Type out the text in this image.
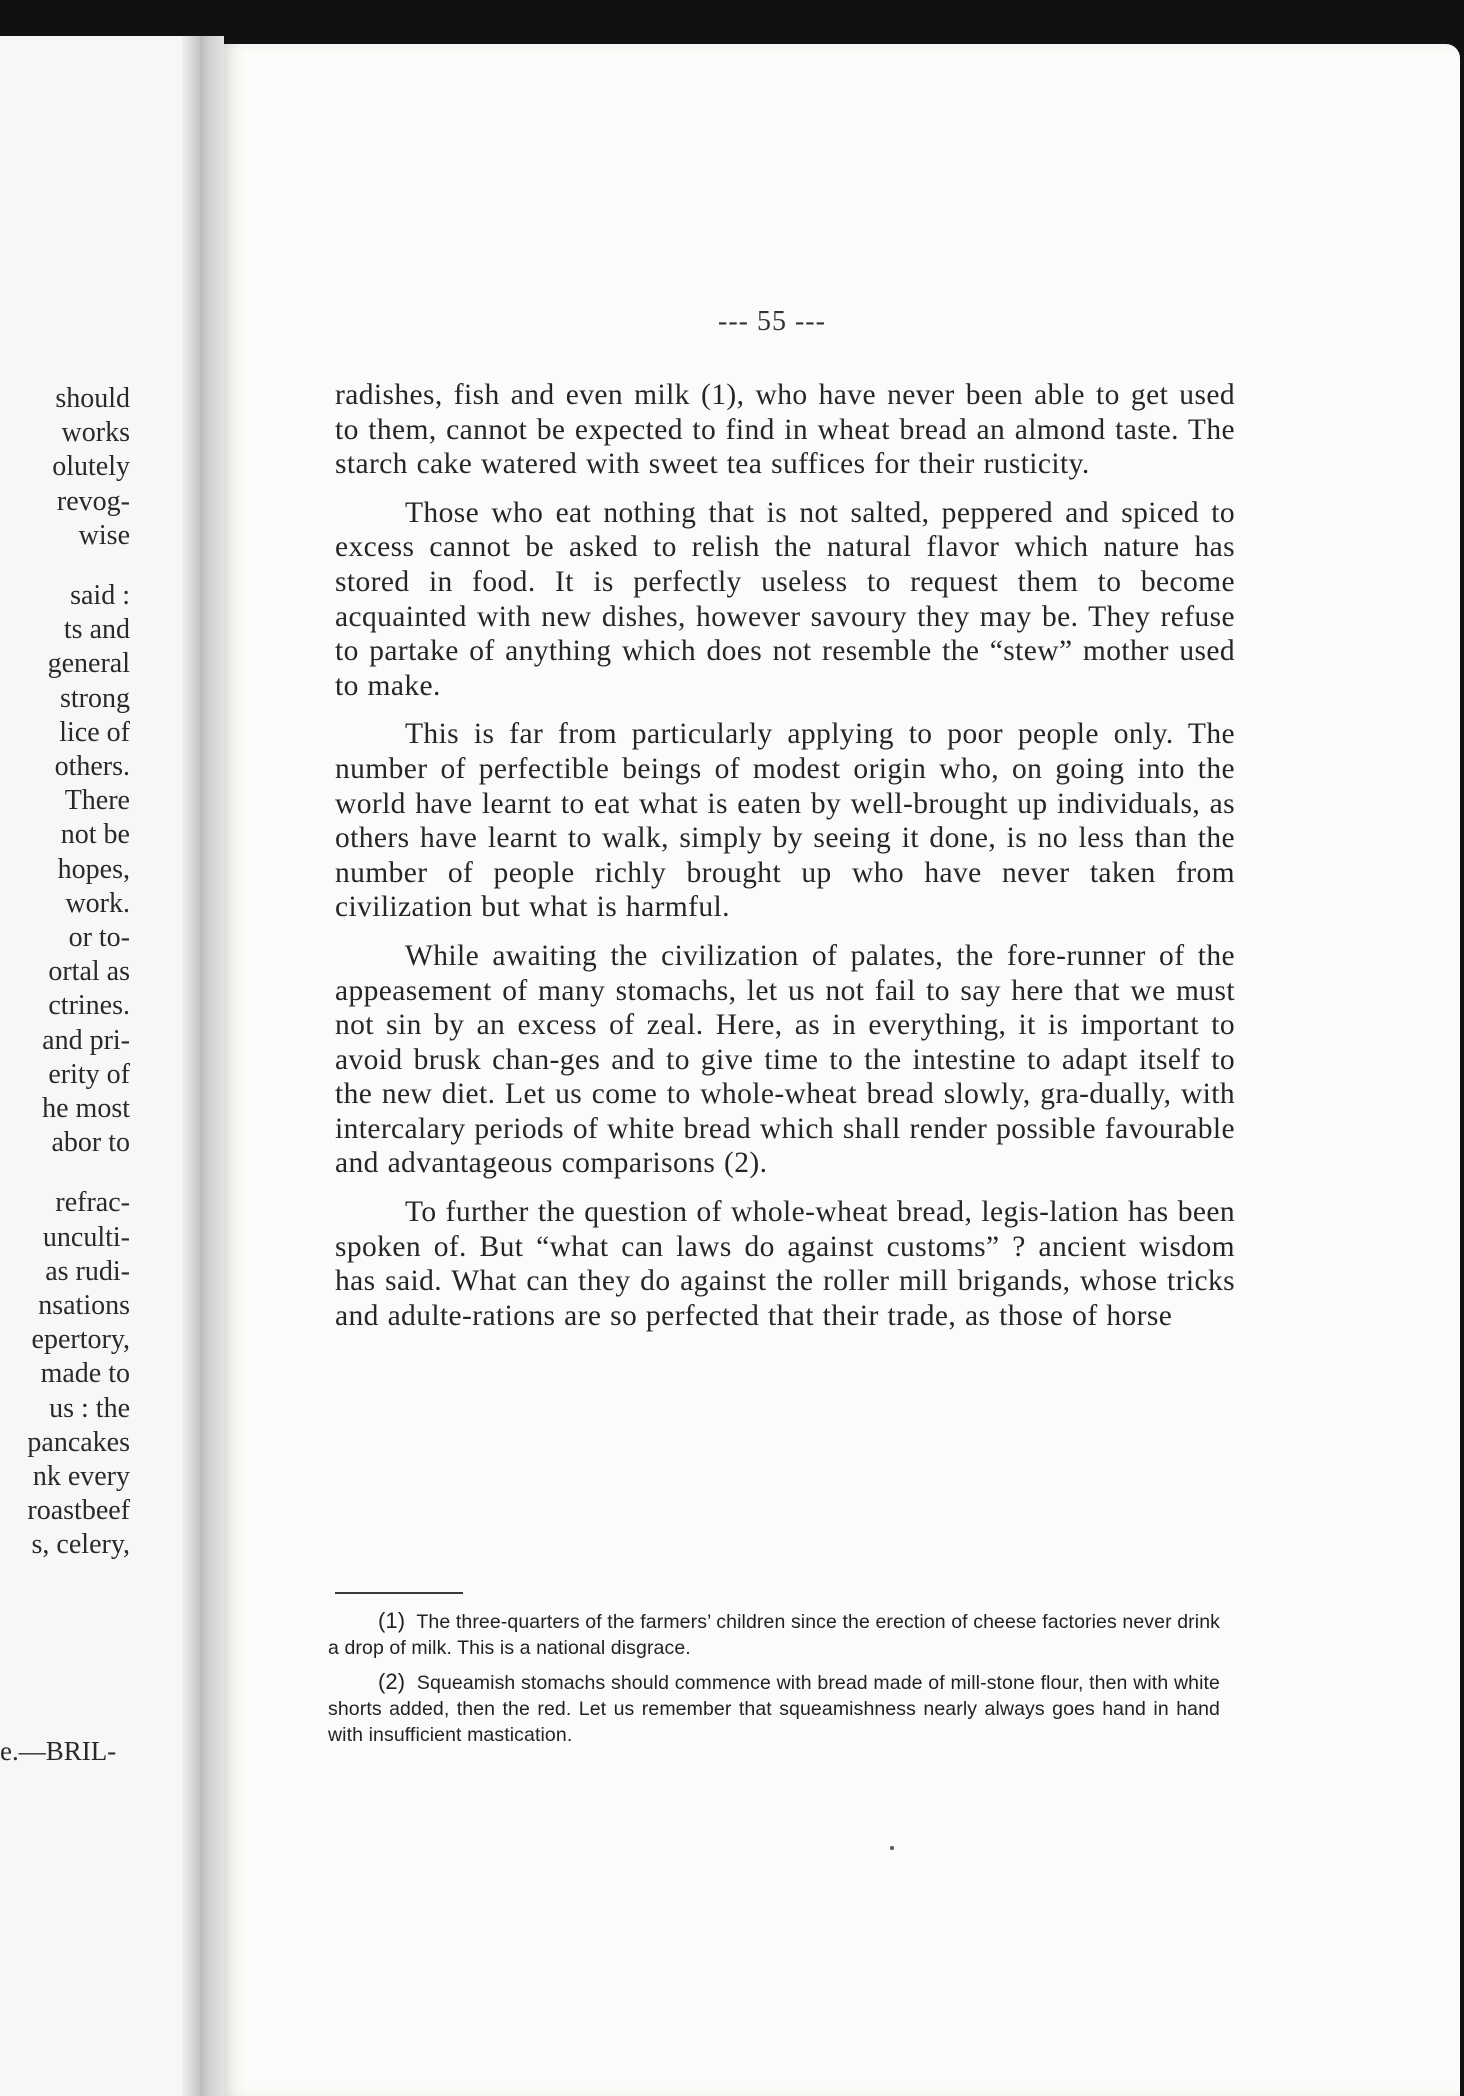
should
works
olutely
revog-
wise
said :
ts and
general
strong
lice of
others.
There
not be
hopes,
work.
or to-
ortal as
ctrines.
and pri-
erity of
he most
abor to
refrac-
unculti-
as rudi-
nsations
epertory,
made to
us : the
pancakes
nk every
roastbeef
s, celery,
e.—BRIL-
--- 55 ---

radishes, fish and even milk (1), who have never been able to get used to them, cannot be expected to find in wheat bread an almond taste. The starch cake watered with sweet tea suffices for their rusticity.

Those who eat nothing that is not salted, peppered and spiced to excess cannot be asked to relish the natural flavor which nature has stored in food. It is perfectly useless to request them to become acquainted with new dishes, however savoury they may be. They refuse to partake of anything which does not resemble the “stew” mother used to make.

This is far from particularly applying to poor people only. The number of perfectible beings of modest origin who, on going into the world have learnt to eat what is eaten by well-brought up individuals, as others have learnt to walk, simply by seeing it done, is no less than the number of people richly brought up who have never taken from civilization but what is harmful.

While awaiting the civilization of palates, the fore-runner of the appeasement of many stomachs, let us not fail to say here that we must not sin by an excess of zeal. Here, as in everything, it is important to avoid brusk chan-ges and to give time to the intestine to adapt itself to the new diet. Let us come to whole-wheat bread slowly, gra-dually, with intercalary periods of white bread which shall render possible favourable and advantageous comparisons (2).

To further the question of whole-wheat bread, legis-lation has been spoken of. But “what can laws do against customs” ? ancient wisdom has said. What can they do against the roller mill brigands, whose tricks and adulte-rations are so perfected that their trade, as those of horse

(1) The three-quarters of the farmers’ children since the erection of cheese factories never drink a drop of milk. This is a national disgrace.

(2) Squeamish stomachs should commence with bread made of mill-stone flour, then with white shorts added, then the red. Let us remember that squeamishness nearly always goes hand in hand with insufficient mastication.
